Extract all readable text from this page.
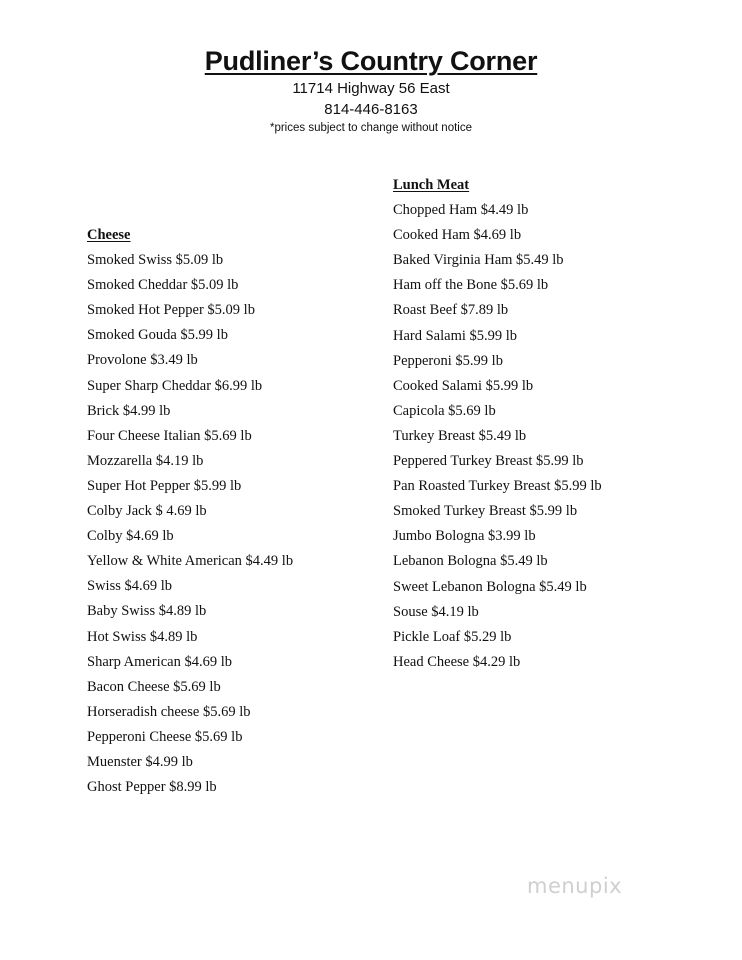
Pudliner’s Country Corner
11714 Highway 56 East
814-446-8163
*prices subject to change without notice
Cheese
Smoked Swiss $5.09 lb
Smoked Cheddar $5.09 lb
Smoked Hot Pepper $5.09 lb
Smoked Gouda $5.99 lb
Provolone $3.49 lb
Super Sharp Cheddar $6.99 lb
Brick $4.99 lb
Four Cheese Italian $5.69 lb
Mozzarella $4.19 lb
Super Hot Pepper $5.99 lb
Colby Jack $ 4.69 lb
Colby $4.69 lb
Yellow & White American $4.49 lb
Swiss $4.69 lb
Baby Swiss $4.89 lb
Hot Swiss $4.89 lb
Sharp American $4.69 lb
Bacon Cheese $5.69 lb
Horseradish cheese $5.69 lb
Pepperoni Cheese $5.69 lb
Muenster $4.99 lb
Ghost Pepper $8.99 lb
Lunch Meat
Chopped Ham $4.49 lb
Cooked Ham $4.69 lb
Baked Virginia Ham $5.49 lb
Ham off the Bone $5.69 lb
Roast Beef $7.89 lb
Hard Salami $5.99 lb
Pepperoni $5.99 lb
Cooked Salami $5.99 lb
Capicola $5.69 lb
Turkey Breast $5.49 lb
Peppered Turkey Breast $5.99 lb
Pan Roasted Turkey Breast $5.99 lb
Smoked Turkey Breast $5.99 lb
Jumbo Bologna $3.99 lb
Lebanon Bologna $5.49 lb
Sweet Lebanon Bologna $5.49 lb
Souse $4.19 lb
Pickle Loaf $5.29 lb
Head Cheese $4.29 lb
menupix
